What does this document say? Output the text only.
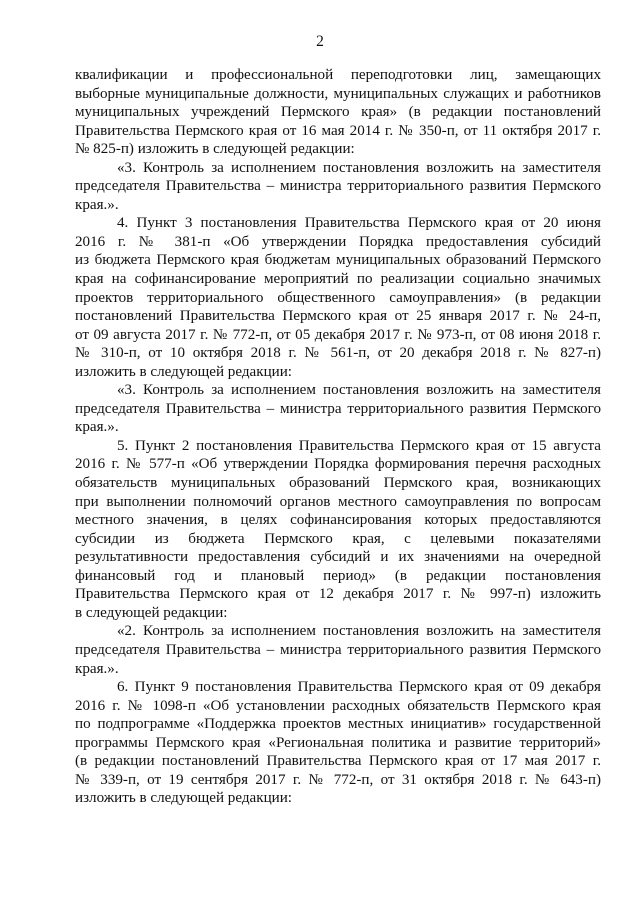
2

квалификации и профессиональной переподготовки лиц, замещающих
выборные муниципальные должности, муниципальных служащих и работников
муниципальных учреждений Пермского края» (в редакции постановлений
Правительства Пермского края от 16 мая 2014 г. № 350-п, от 11 октября 2017 г.
№ 825-п) изложить в следующей редакции:

«3. Контроль за исполнением постановления возложить на заместителя
председателя Правительства – министра территориального развития Пермского
края.».

4. Пункт 3 постановления Правительства Пермского края от 20 июня
2016 г. № 381-п «Об утверждении Порядка предоставления субсидий
из бюджета Пермского края бюджетам муниципальных образований Пермского
края на софинансирование мероприятий по реализации социально значимых
проектов территориального общественного самоуправления» (в редакции
постановлений Правительства Пермского края от 25 января 2017 г. № 24-п,
от 09 августа 2017 г. № 772-п, от 05 декабря 2017 г. № 973-п, от 08 июня 2018 г.
№ 310-п, от 10 октября 2018 г. № 561-п, от 20 декабря 2018 г. № 827-п)
изложить в следующей редакции:

«3. Контроль за исполнением постановления возложить на заместителя
председателя Правительства – министра территориального развития Пермского
края.».

5. Пункт 2 постановления Правительства Пермского края от 15 августа
2016 г. № 577-п «Об утверждении Порядка формирования перечня расходных
обязательств муниципальных образований Пермского края, возникающих
при выполнении полномочий органов местного самоуправления по вопросам
местного значения, в целях софинансирования которых предоставляются
субсидии из бюджета Пермского края, с целевыми показателями
результативности предоставления субсидий и их значениями на очередной
финансовый год и плановый период» (в редакции постановления
Правительства Пермского края от 12 декабря 2017 г. № 997-п) изложить
в следующей редакции:

«2. Контроль за исполнением постановления возложить на заместителя
председателя Правительства – министра территориального развития Пермского
края.».

6. Пункт 9 постановления Правительства Пермского края от 09 декабря
2016 г. № 1098-п «Об установлении расходных обязательств Пермского края
по подпрограмме «Поддержка проектов местных инициатив» государственной
программы Пермского края «Региональная политика и развитие территорий»
(в редакции постановлений Правительства Пермского края от 17 мая 2017 г.
№ 339-п, от 19 сентября 2017 г. № 772-п, от 31 октября 2018 г. № 643-п)
изложить в следующей редакции:
